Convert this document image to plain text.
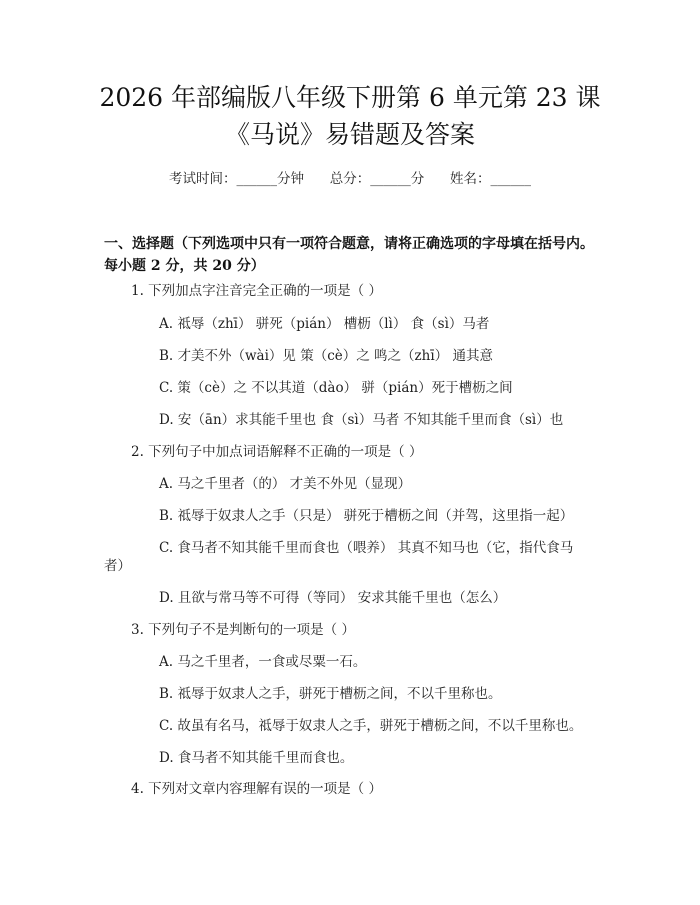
2026 年部编版八年级下册第 6 单元第 23 课
《马说》易错题及答案
考试时间：______分钟      总分：______分      姓名：______
一、选择题（下列选项中只有一项符合题意，请将正确选项的字母填在括号内。
每小题 2 分，共 20 分）
1. 下列加点字注音完全正确的一项是（ ）
A. 祗辱（zhī） 骈死（pián） 槽枥（lì） 食（sì）马者
B. 才美不外（wài）见 策（cè）之 鸣之（zhī） 通其意
C. 策（cè）之 不以其道（dào） 骈（pián）死于槽枥之间
D. 安（ān）求其能千里也 食（sì）马者 不知其能千里而食（sì）也
2. 下列句子中加点词语解释不正确的一项是（ ）
A. 马之千里者（的） 才美不外见（显现）
B. 祗辱于奴隶人之手（只是） 骈死于槽枥之间（并驾，这里指一起）
C. 食马者不知其能千里而食也（喂养） 其真不知马也（它，指代食马
者）
D. 且欲与常马等不可得（等同） 安求其能千里也（怎么）
3. 下列句子不是判断句的一项是（ ）
A. 马之千里者，一食或尽粟一石。
B. 祗辱于奴隶人之手，骈死于槽枥之间，不以千里称也。
C. 故虽有名马，祗辱于奴隶人之手，骈死于槽枥之间，不以千里称也。
D. 食马者不知其能千里而食也。
4. 下列对文章内容理解有误的一项是（ ）
